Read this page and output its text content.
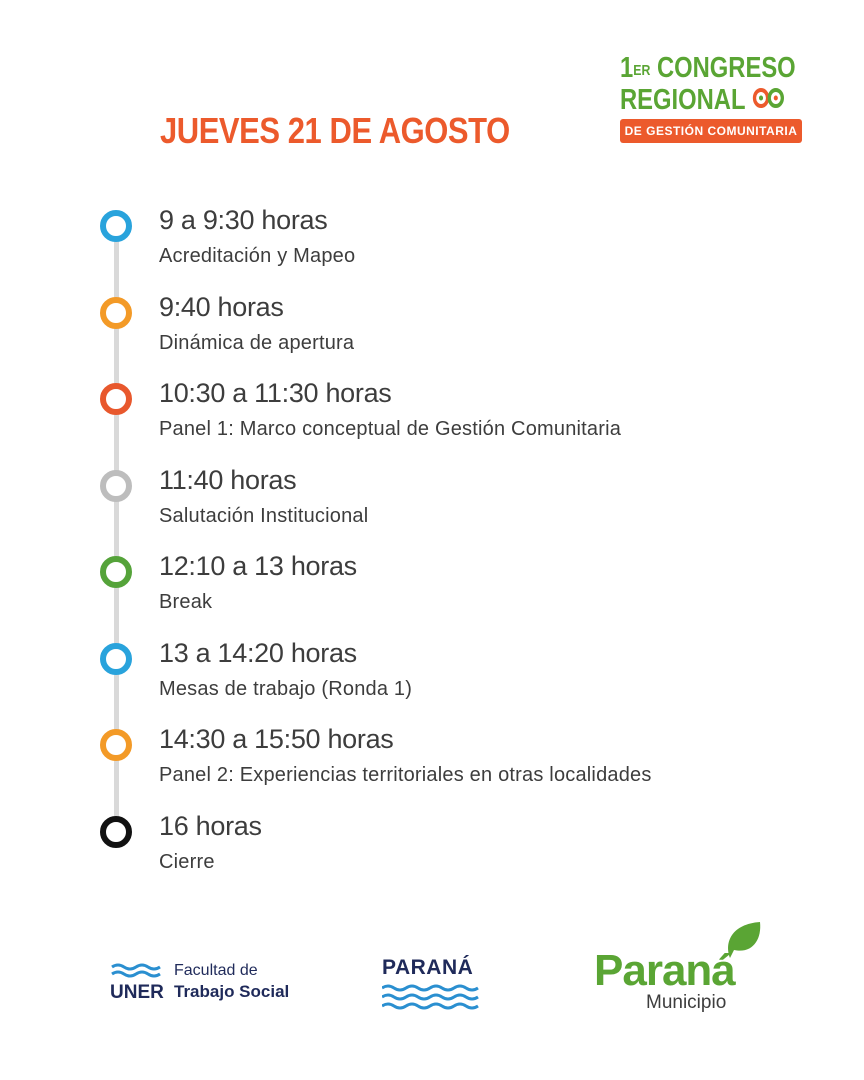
JUEVES 21 DE AGOSTO
1ER CONGRESO
REGIONAL
DE GESTIÓN COMUNITARIA
9 a 9:30 horas
Acreditación y Mapeo
9:40 horas
Dinámica de apertura
10:30 a 11:30 horas
Panel 1: Marco conceptual de Gestión Comunitaria
11:40 horas
Salutación Institucional
12:10 a 13 horas
Break
13 a 14:20 horas
Mesas de trabajo (Ronda 1)
14:30 a 15:50 horas
Panel 2: Experiencias territoriales en otras localidades
16 horas
Cierre
UNER
Facultad de
Trabajo Social
PARANÁ	Paraná
Municipio
